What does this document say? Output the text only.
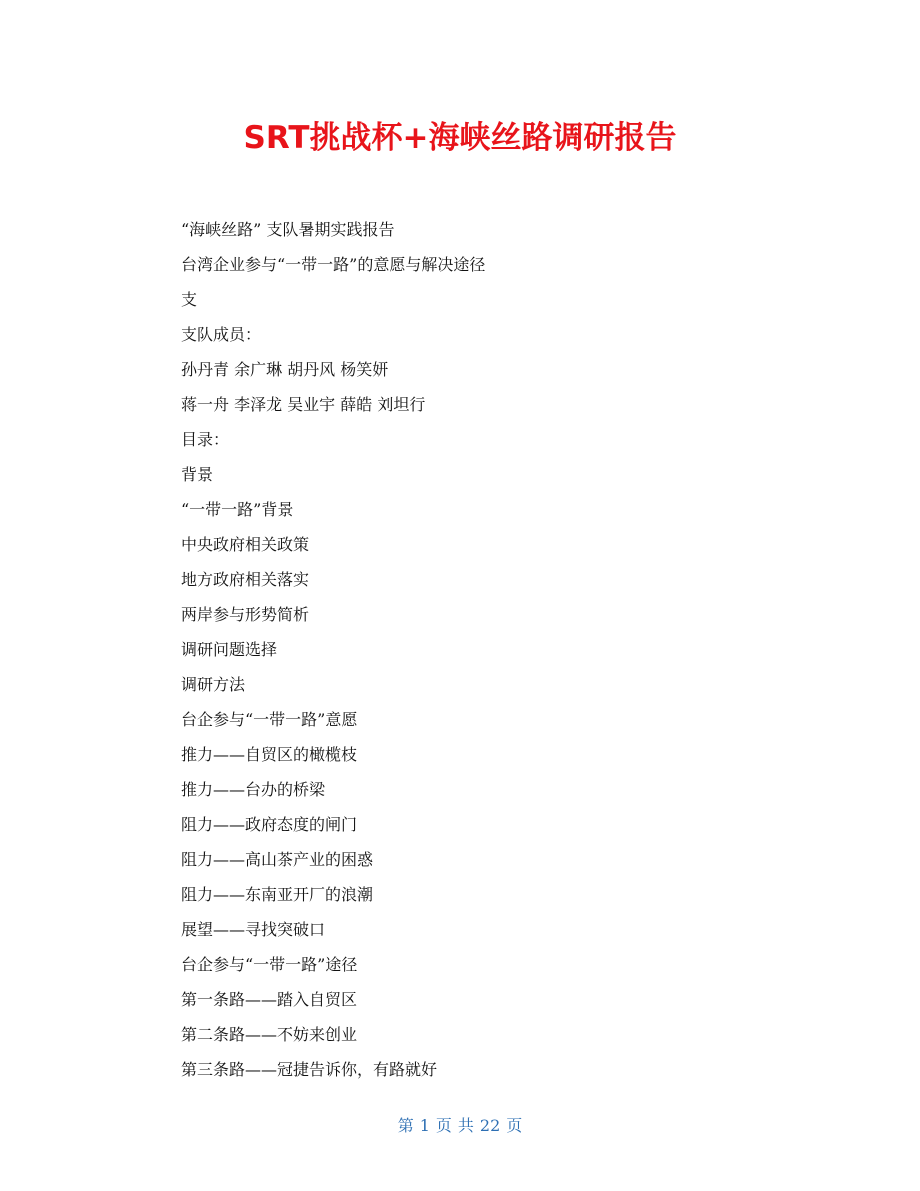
SRT挑战杯+海峡丝路调研报告
“海峡丝路” 支队暑期实践报告
台湾企业参与“一带一路”的意愿与解决途径
支
支队成员：
孙丹青 余广琳 胡丹风 杨笑妍
蒋一舟 李泽龙 吴业宇 薛皓 刘坦行
目录：
背景
“一带一路”背景
中央政府相关政策
地方政府相关落实
两岸参与形势简析
调研问题选择
调研方法
台企参与“一带一路”意愿
推力——自贸区的橄榄枝
推力——台办的桥梁
阻力——政府态度的闸门
阻力——高山茶产业的困惑
阻力——东南亚开厂的浪潮
展望——寻找突破口
台企参与“一带一路”途径
第一条路——踏入自贸区
第二条路——不妨来创业
第三条路——冠捷告诉你，有路就好
第 1 页 共 22 页
